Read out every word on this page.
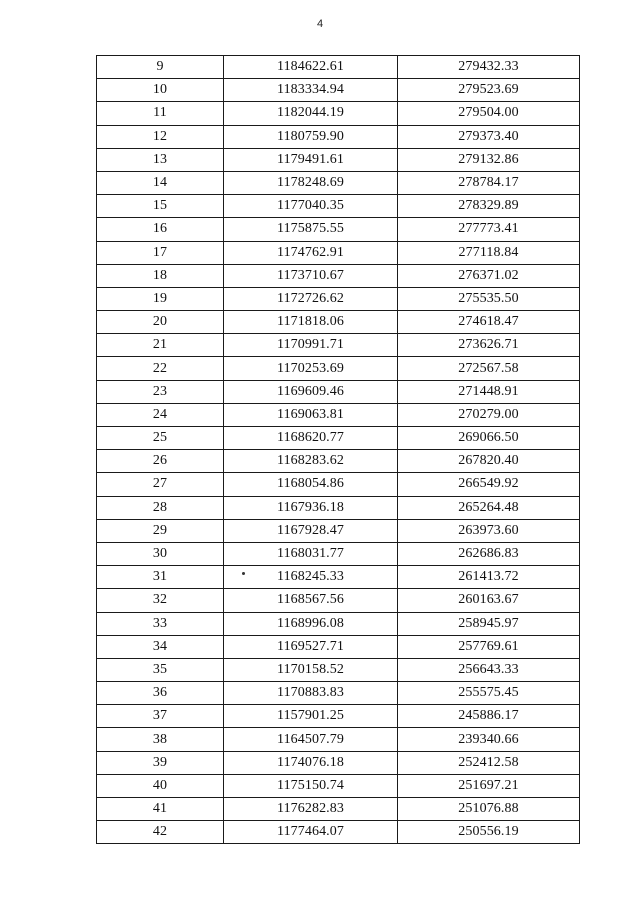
4
9	1184622.61	279432.33
10	1183334.94	279523.69
11	1182044.19	279504.00
12	1180759.90	279373.40
13	1179491.61	279132.86
14	1178248.69	278784.17
15	1177040.35	278329.89
16	1175875.55	277773.41
17	1174762.91	277118.84
18	1173710.67	276371.02
19	1172726.62	275535.50
20	1171818.06	274618.47
21	1170991.71	273626.71
22	1170253.69	272567.58
23	1169609.46	271448.91
24	1169063.81	270279.00
25	1168620.77	269066.50
26	1168283.62	267820.40
27	1168054.86	266549.92
28	1167936.18	265264.48
29	1167928.47	263973.60
30	1168031.77	262686.83
31	1168245.33	261413.72
32	1168567.56	260163.67
33	1168996.08	258945.97
34	1169527.71	257769.61
35	1170158.52	256643.33
36	1170883.83	255575.45
37	1157901.25	245886.17
38	1164507.79	239340.66
39	1174076.18	252412.58
40	1175150.74	251697.21
41	1176282.83	251076.88
42	1177464.07	250556.19
